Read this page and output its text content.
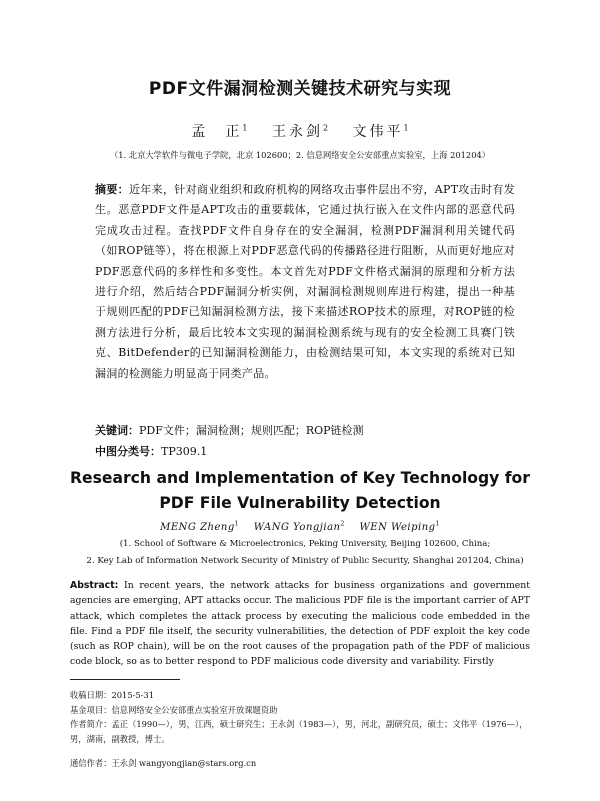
PDF文件漏洞检测关键技术研究与实现
孟　正$^1$　 王永剑$^2$　 文伟平$^1$
（1. 北京大学软件与微电子学院，北京 102600；2. 信息网络安全公安部重点实验室，上海 201204）
摘要：近年来，针对商业组织和政府机构的网络攻击事件层出不穷，APT攻击时有发生。恶意PDF文件是APT攻击的重要载体，它通过执行嵌入在文件内部的恶意代码完成攻击过程。查找PDF文件自身存在的安全漏洞，检测PDF漏洞利用关键代码（如ROP链等），将在根源上对PDF恶意代码的传播路径进行阻断，从而更好地应对PDF恶意代码的多样性和多变性。本文首先对PDF文件格式漏洞的原理和分析方法进行介绍，然后结合PDF漏洞分析实例，对漏洞检测规则库进行构建，提出一种基于规则匹配的PDF已知漏洞检测方法，接下来描述ROP技术的原理，对ROP链的检测方法进行分析，最后比较本文实现的漏洞检测系统与现有的安全检测工具赛门铁克、BitDefender的已知漏洞检测能力，由检测结果可知，本文实现的系统对已知漏洞的检测能力明显高于同类产品。
关键词：PDF文件；漏洞检测；规则匹配；ROP链检测
中图分类号：TP309.1
Research and Implementation of Key Technology for
PDF File Vulnerability Detection
MENG Zheng$^1$ WANG Yongjian$^2$ WEN Weiping$^1$
(1. School of Software & Microelectronics, Peking University, Beijing 102600, China;
2. Key Lab of Information Network Security of Ministry of Public Security, Shanghai 201204, China)
Abstract: In recent years, the network attacks for business organizations and government agencies are emerging, APT attacks occur. The malicious PDF file is the important carrier of APT attack, which completes the attack process by executing the malicious code embedded in the file. Find a PDF file itself, the security vulnerabilities, the detection of PDF exploit the key code (such as ROP chain), will be on the root causes of the propagation path of the PDF of malicious code block, so as to better respond to PDF malicious code diversity and variability. Firstly
收稿日期：2015-5-31
基金项目：信息网络安全公安部重点实验室开放课题资助
作者简介：孟正（1990—），男，江西，硕士研究生；王永剑（1983—），男，河北，副研究员，硕士；文伟平（1976—），男，湖南，副教授，博士。
通信作者：王永剑 wangyongjian@stars.org.cn
